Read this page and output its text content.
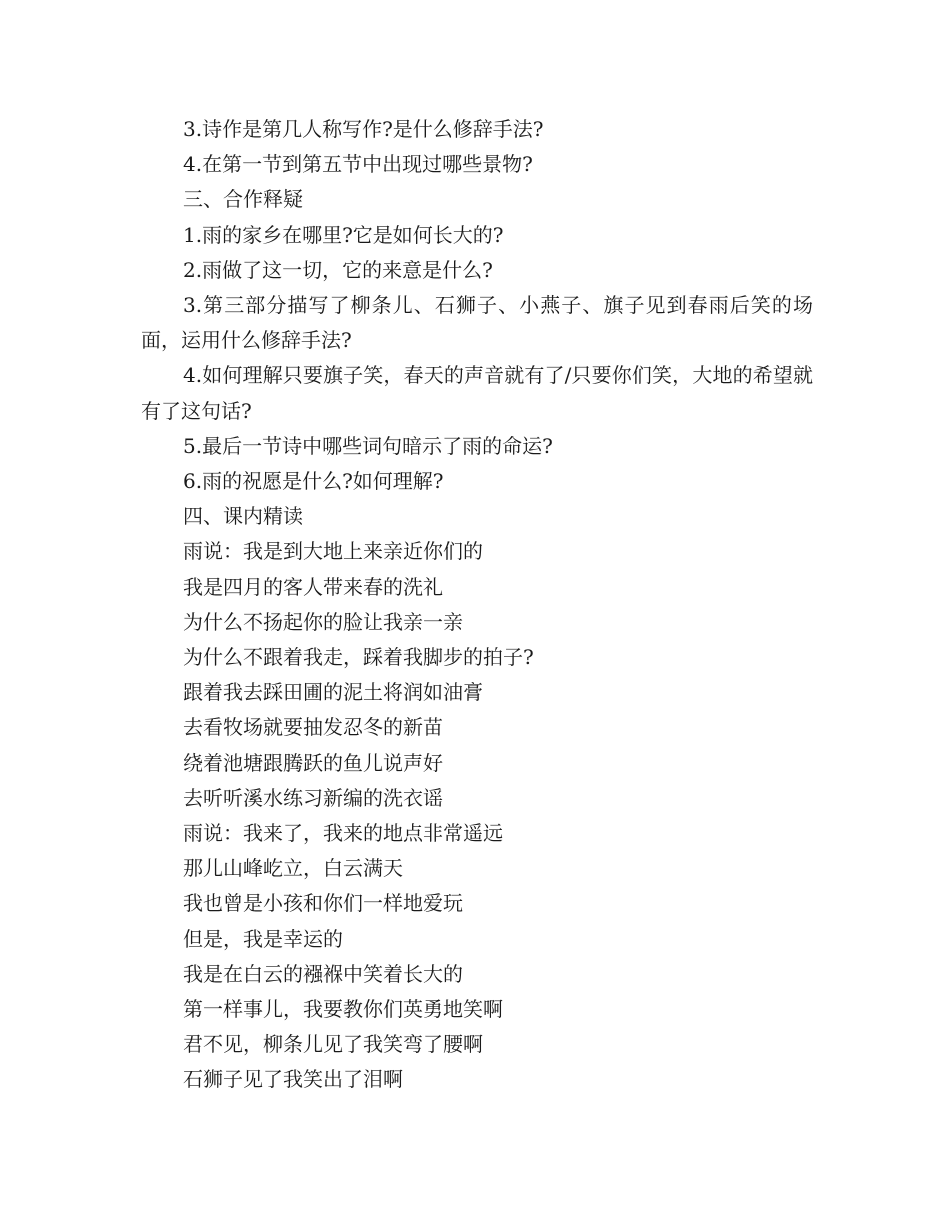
3.诗作是第几人称写作?是什么修辞手法?

4.在第一节到第五节中出现过哪些景物?

三、合作释疑

1.雨的家乡在哪里?它是如何长大的?

2.雨做了这一切，它的来意是什么?

3.第三部分描写了柳条儿、石狮子、小燕子、旗子见到春雨后笑的场面，运用什么修辞手法?

4.如何理解只要旗子笑，春天的声音就有了/只要你们笑，大地的希望就有了这句话?

5.最后一节诗中哪些词句暗示了雨的命运?

6.雨的祝愿是什么?如何理解?

四、课内精读

雨说：我是到大地上来亲近你们的

我是四月的客人带来春的洗礼

为什么不扬起你的脸让我亲一亲

为什么不跟着我走，踩着我脚步的拍子?

跟着我去踩田圃的泥土将润如油膏

去看牧场就要抽发忍冬的新苗

绕着池塘跟腾跃的鱼儿说声好

去听听溪水练习新编的洗衣谣

雨说：我来了，我来的地点非常遥远

那儿山峰屹立，白云满天

我也曾是小孩和你们一样地爱玩

但是，我是幸运的

我是在白云的襁褓中笑着长大的

第一样事儿，我要教你们英勇地笑啊

君不见，柳条儿见了我笑弯了腰啊

石狮子见了我笑出了泪啊
